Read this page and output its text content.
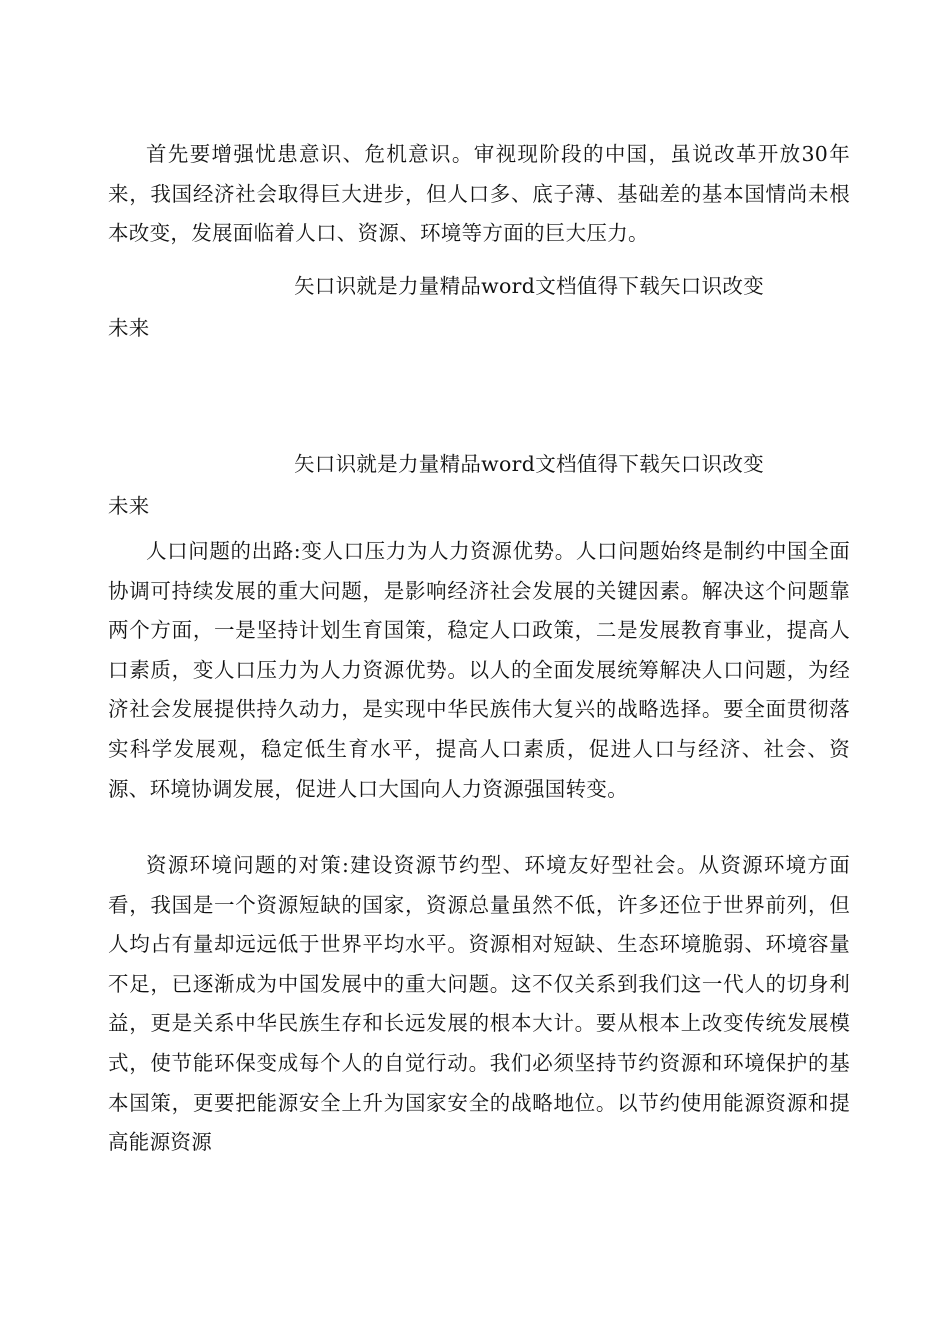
首先要增强忧患意识、危机意识。审视现阶段的中国，虽说改革开放30年来，我国经济社会取得巨大进步，但人口多、底子薄、基础差的基本国情尚未根本改变，发展面临着人口、资源、环境等方面的巨大压力。

矢口识就是力量精品word文档值得下载矢口识改变
未来
矢口识就是力量精品word文档值得下载矢口识改变
未来

人口问题的出路:变人口压力为人力资源优势。人口问题始终是制约中国全面协调可持续发展的重大问题，是影响经济社会发展的关键因素。解决这个问题靠两个方面，一是坚持计划生育国策，稳定人口政策，二是发展教育事业，提高人口素质，变人口压力为人力资源优势。以人的全面发展统筹解决人口问题，为经济社会发展提供持久动力，是实现中华民族伟大复兴的战略选择。要全面贯彻落实科学发展观，稳定低生育水平，提高人口素质，促进人口与经济、社会、资源、环境协调发展，促进人口大国向人力资源强国转变。

资源环境问题的对策:建设资源节约型、环境友好型社会。从资源环境方面看，我国是一个资源短缺的国家，资源总量虽然不低，许多还位于世界前列，但人均占有量却远远低于世界平均水平。资源相对短缺、生态环境脆弱、环境容量不足，已逐渐成为中国发展中的重大问题。这不仅关系到我们这一代人的切身利益，更是关系中华民族生存和长远发展的根本大计。要从根本上改变传统发展模式，使节能环保变成每个人的自觉行动。我们必须坚持节约资源和环境保护的基本国策，更要把能源安全上升为国家安全的战略地位。以节约使用能源资源和提高能源资源
